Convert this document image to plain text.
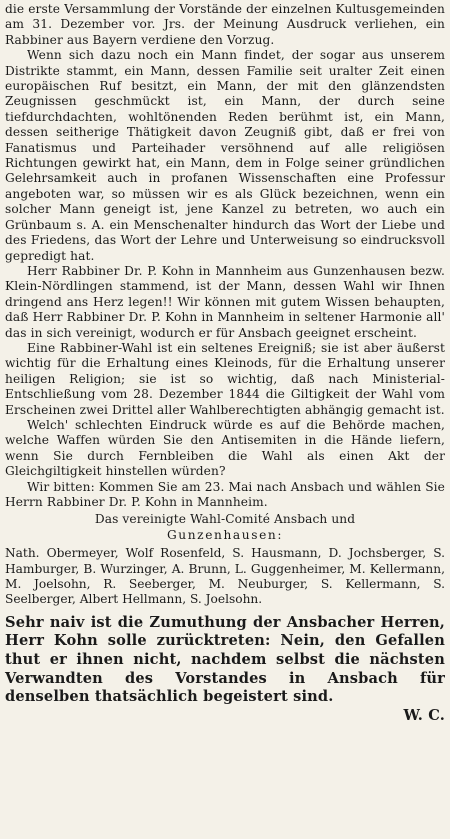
die erste Versammlung der Vorstände der einzelnen Kultusgemeinden am 31. Dezember vor. Jrs. der Meinung Ausdruck verliehen, ein Rabbiner aus Bayern verdiene den Vorzug.

Wenn sich dazu noch ein Mann findet, der sogar aus unserem Distrikte stammt, ein Mann, dessen Familie seit uralter Zeit einen europäischen Ruf besitzt, ein Mann, der mit den glänzendsten Zeugnissen geschmückt ist, ein Mann, der durch seine tiefdurchdachten, wohltönenden Reden berühmt ist, ein Mann, dessen seitherige Thätigkeit davon Zeugniß gibt, daß er frei von Fanatismus und Parteihader versöhnend auf alle religiösen Richtungen gewirkt hat, ein Mann, dem in Folge seiner gründlichen Gelehrsamkeit auch in profanen Wissenschaften eine Professur angeboten war, so müssen wir es als Glück bezeichnen, wenn ein solcher Mann geneigt ist, jene Kanzel zu betreten, wo auch ein Grünbaum s. A. ein Menschenalter hindurch das Wort der Liebe und des Friedens, das Wort der Lehre und Unterweisung so eindrucksvoll gepredigt hat.

Herr Rabbiner Dr. P. Kohn in Mannheim aus Gunzenhausen bezw. Klein-Nördlingen stammend, ist der Mann, dessen Wahl wir Ihnen dringend ans Herz legen!! Wir können mit gutem Wissen behaupten, daß Herr Rabbiner Dr. P. Kohn in Mannheim in seltener Harmonie all' das in sich vereinigt, wodurch er für Ansbach geeignet erscheint.

Eine Rabbiner-Wahl ist ein seltenes Ereigniß; sie ist aber äußerst wichtig für die Erhaltung eines Kleinods, für die Erhaltung unserer heiligen Religion; sie ist so wichtig, daß nach Ministerial-Entschließung vom 28. Dezember 1844 die Giltigkeit der Wahl vom Erscheinen zwei Drittel aller Wahlberechtigten abhängig gemacht ist.

Welch' schlechten Eindruck würde es auf die Behörde machen, welche Waffen würden Sie den Antisemiten in die Hände liefern, wenn Sie durch Fernbleiben die Wahl als einen Akt der Gleichgiltigkeit hinstellen würden?

Wir bitten: Kommen Sie am 23. Mai nach Ansbach und wählen Sie Herrn Rabbiner Dr. P. Kohn in Mannheim.

Das vereinigte Wahl-Comité Ansbach und

Gunzenhausen:

Nath. Obermeyer, Wolf Rosenfeld, S. Hausmann, D. Jochsberger, S. Hamburger, B. Wurzinger, A. Brunn, L. Guggenheimer, M. Kellermann, M. Joelsohn, R. Seeberger, M. Neuburger, S. Kellermann, S. Seelberger, Albert Hellmann, S. Joelsohn.

Sehr naiv ist die Zumuthung der Ansbacher Herren, Herr Kohn solle zurücktreten: Nein, den Gefallen thut er ihnen nicht, nachdem selbst die nächsten Verwandten des Vorstandes in Ansbach für denselben thatsächlich begeistert sind.
W. C.
